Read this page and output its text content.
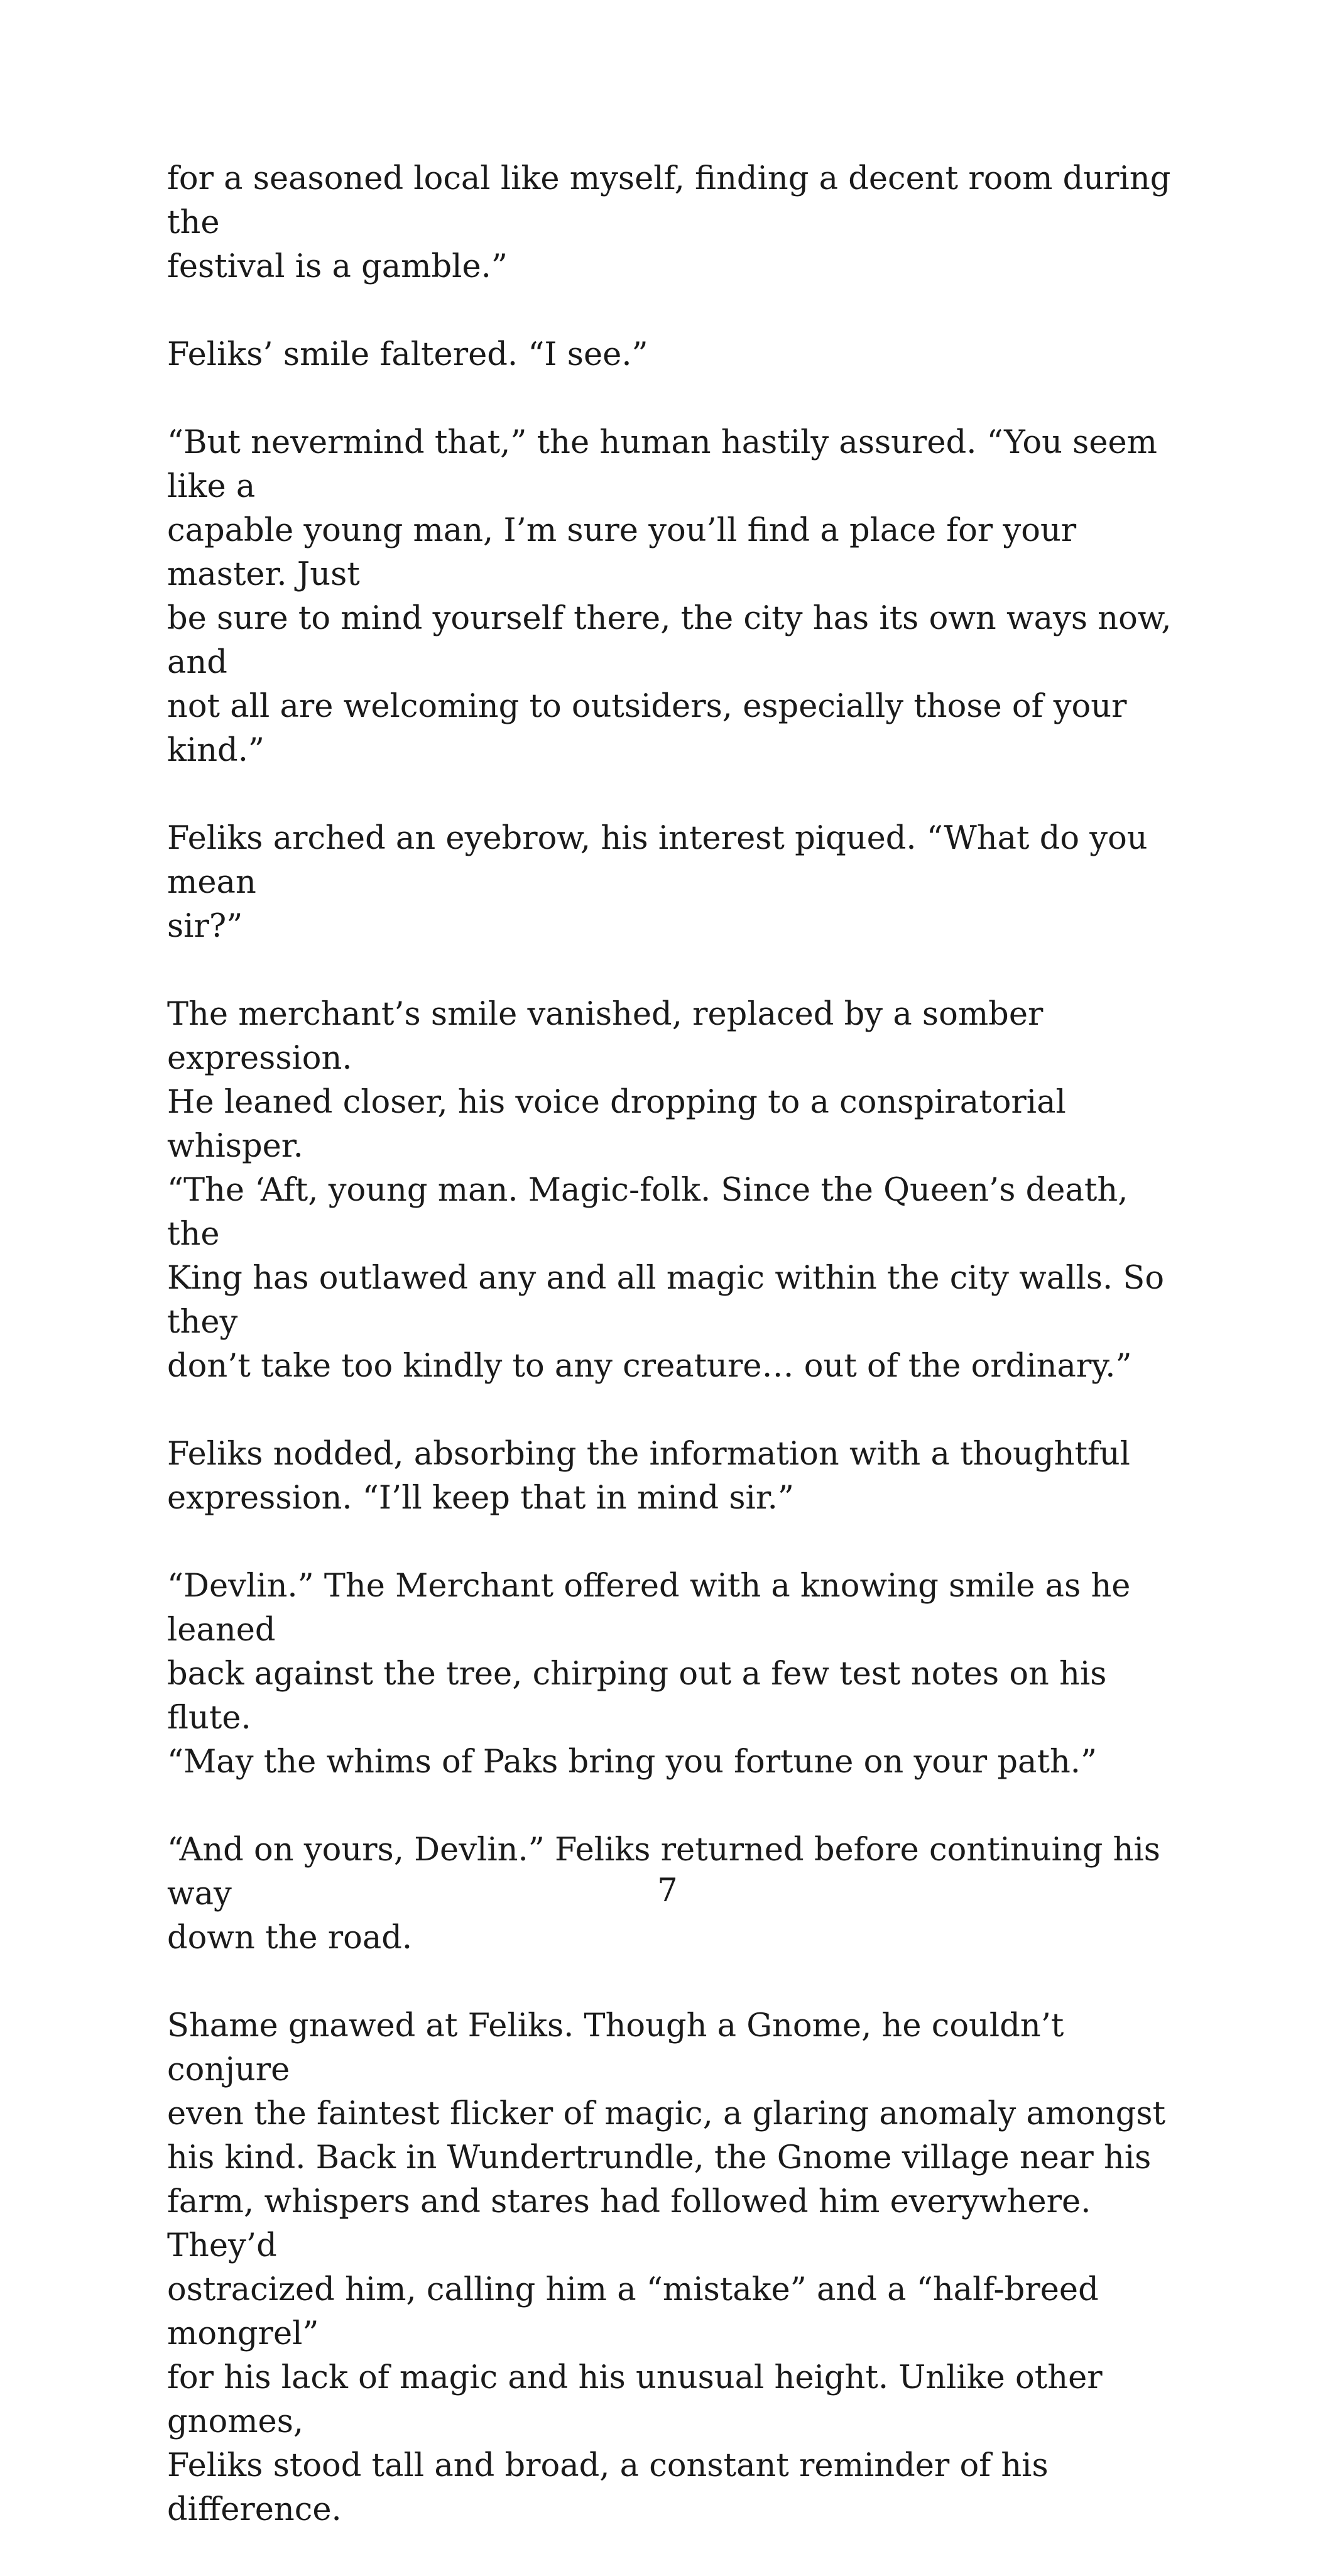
for a seasoned local like myself, finding a decent room during the
festival is a gamble.”

Feliks’ smile faltered. “I see.”

“But nevermind that,” the human hastily assured. “You seem like a
capable young man, I’m sure you’ll find a place for your master. Just
be sure to mind yourself there, the city has its own ways now, and
not all are welcoming to outsiders, especially those of your kind.”

Feliks arched an eyebrow, his interest piqued. “What do you mean
sir?”

The merchant’s smile vanished, replaced by a somber expression.
He leaned closer, his voice dropping to a conspiratorial whisper.
“The ‘Aft, young man. Magic-folk. Since the Queen’s death, the
King has outlawed any and all magic within the city walls. So they
don’t take too kindly to any creature… out of the ordinary.”

Feliks nodded, absorbing the information with a thoughtful
expression. “I’ll keep that in mind sir.”

“Devlin.” The Merchant offered with a knowing smile as he leaned
back against the tree, chirping out a few test notes on his flute.
“May the whims of Paks bring you fortune on your path.”

“And on yours, Devlin.” Feliks returned before continuing his way
down the road.

Shame gnawed at Feliks. Though a Gnome, he couldn’t conjure
even the faintest flicker of magic, a glaring anomaly amongst
his kind. Back in Wundertrundle, the Gnome village near his
farm, whispers and stares had followed him everywhere. They’d
ostracized him, calling him a “mistake” and a “half-breed mongrel”
for his lack of magic and his unusual height. Unlike other gnomes,
Feliks stood tall and broad, a constant reminder of his difference.

7
